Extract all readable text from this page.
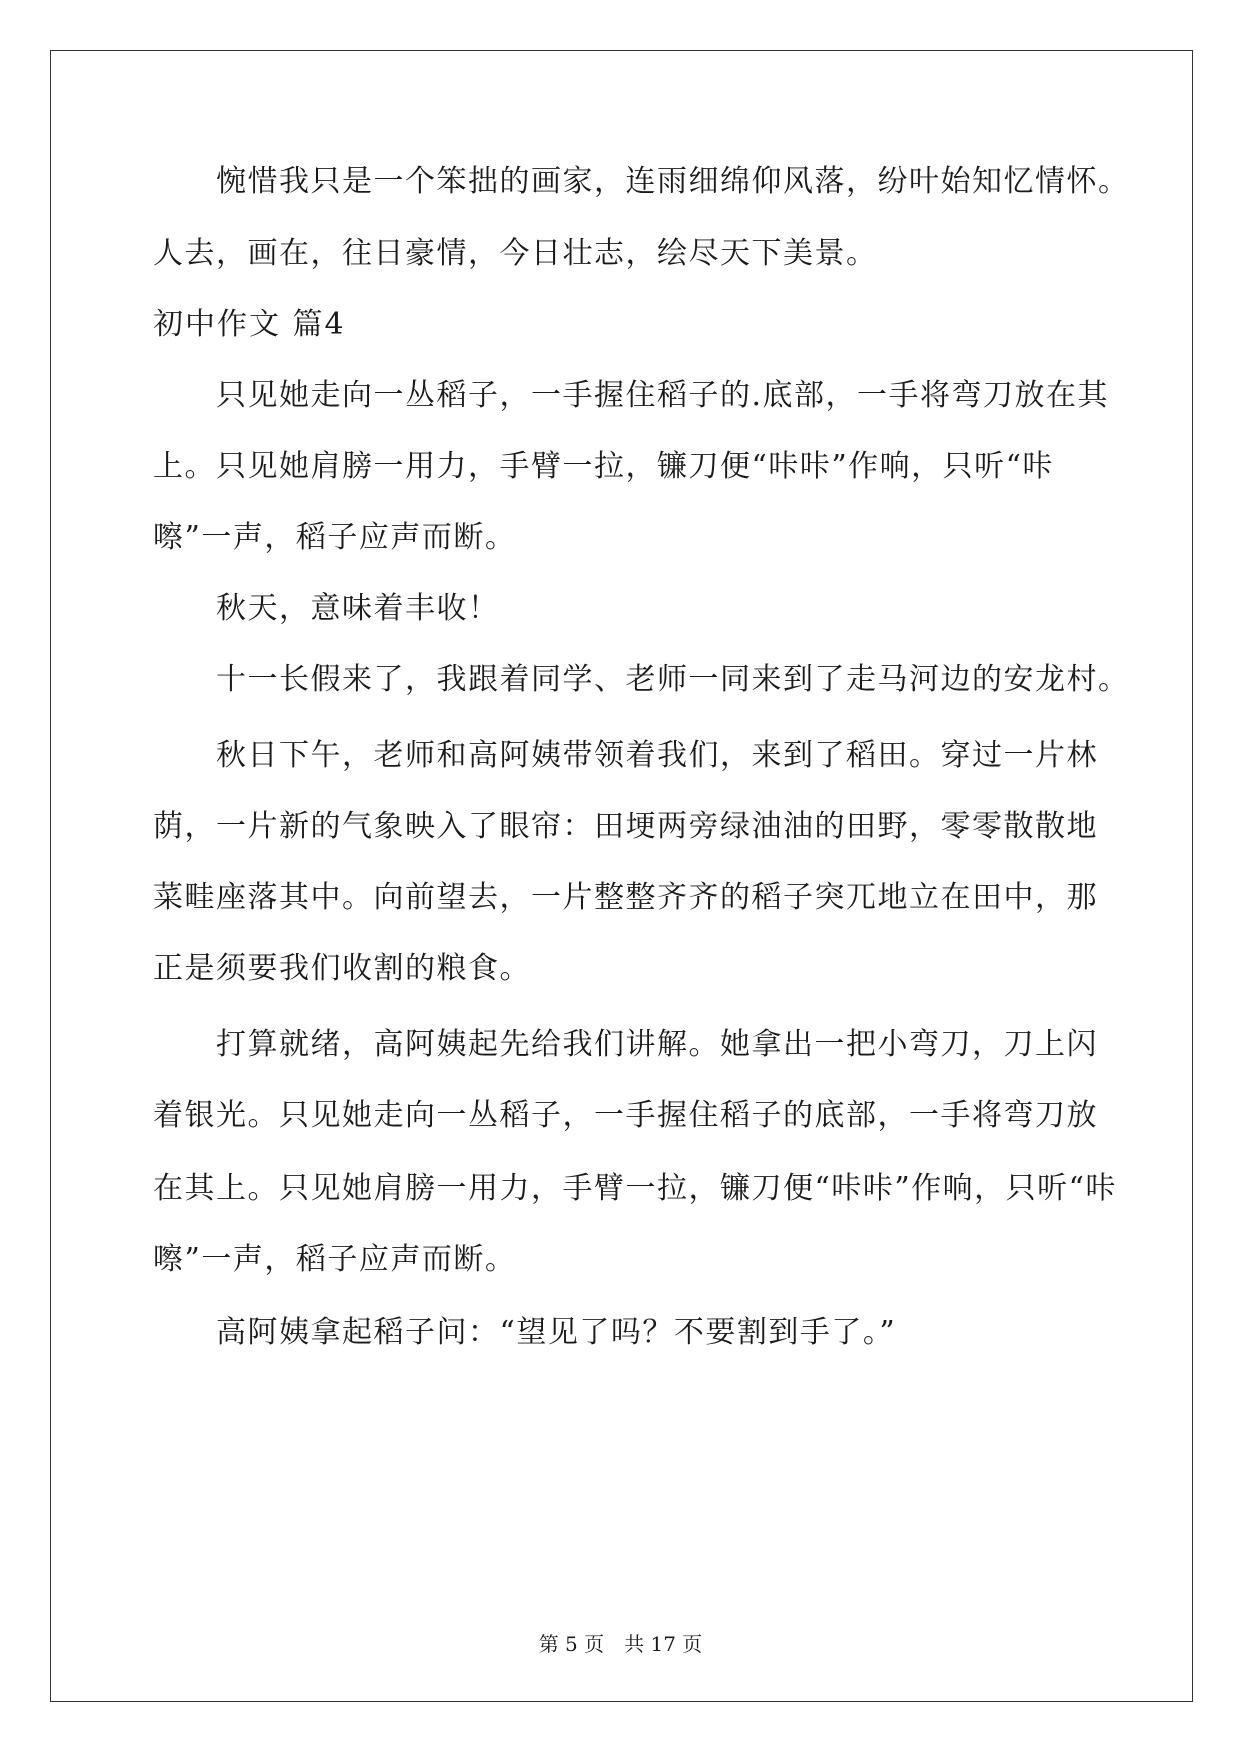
惋惜我只是一个笨拙的画家，连雨细绵仰风落，纷叶始知忆情怀。
人去，画在，往日豪情，今日壮志，绘尽天下美景。
初中作文 篇4
只见她走向一丛稻子，一手握住稻子的.底部，一手将弯刀放在其
上。只见她肩膀一用力，手臂一拉，镰刀便“咔咔”作响，只听“咔
嚓”一声，稻子应声而断。
秋天，意味着丰收！
十一长假来了，我跟着同学、老师一同来到了走马河边的安龙村。
秋日下午，老师和高阿姨带领着我们，来到了稻田。穿过一片林
荫，一片新的气象映入了眼帘：田埂两旁绿油油的田野，零零散散地
菜畦座落其中。向前望去，一片整整齐齐的稻子突兀地立在田中，那
正是须要我们收割的粮食。
打算就绪，高阿姨起先给我们讲解。她拿出一把小弯刀，刀上闪
着银光。只见她走向一丛稻子，一手握住稻子的底部，一手将弯刀放
在其上。只见她肩膀一用力，手臂一拉，镰刀便“咔咔”作响，只听“咔
嚓”一声，稻子应声而断。
高阿姨拿起稻子问：“望见了吗？不要割到手了。”
第 5 页　共 17 页
